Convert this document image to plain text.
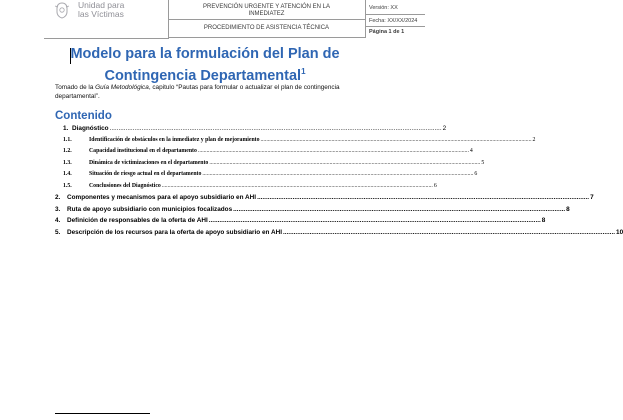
Unidad para
las Víctimas
PREVENCIÓN URGENTE Y ATENCIÓN EN LA
INMEDIATEZ
PROCEDIMIENTO DE ASISTENCIA TÉCNICA
Versión: XX
Fecha: XX/XX/2024
Página 1 de 1
Modelo para la formulación del Plan de Contingencia Departamental$^1$
Tomado de la Guía Metodológica, capitulo “Pautas para formular o actualizar el plan de contingencia departamental”.
Contenido
1. Diagnóstico .....	2
1.1.	Identificación de obstáculos en la inmediatez y plan de mejoramiento .....	2
1.2.	Capacidad institucional en el departamento .....	4
1.3.	Dinámica de victimizaciones en el departamento .....	5
1.4.	Situación de riesgo actual en el departamento .....	6
1.5.	Conclusiones del Diagnóstico .....	6
2.	Componentes y mecanismos para el apoyo subsidiario en AHI .....	7
3.	Ruta de apoyo subsidiario con municipios focalizados .....	8
4.	Definición de responsables de la oferta de AHI .....	8
5.	Descripción de los recursos para la oferta de apoyo subsidiario en AHI .....	10
